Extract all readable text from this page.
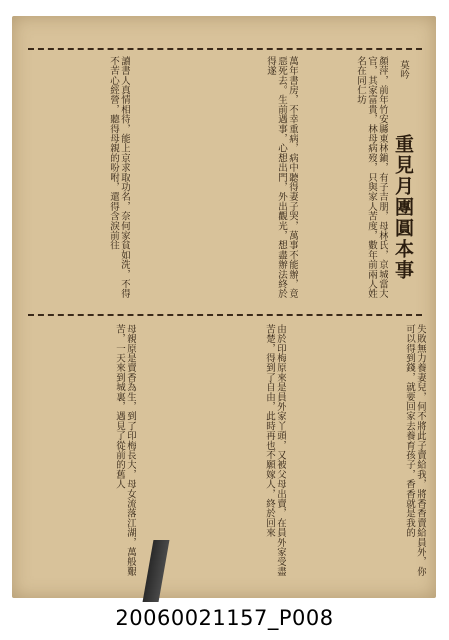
重見月團圓本事
莫吟
顏萍，前年竹安縣東林鎭，有子吉朋，母林氏，京城當大官，其家富貴，林母病歿，只與家人苦度，數年前兩人姓名在同仁坊
萬年書房，不幸重病，病中聽得妻子哭，萬事不能辦，竟惡死去。生前遇事，心想出門，外出觀光，想盡辦法終於得遂
讀書人真情相待，能上京求取功名，奈何家貧如洗，不得不苦心經營，聽得母親的吩咐，還得含淚前往
失敗無力養妻兒，何不將此子賣給我，將香香賣給員外，你可以得到錢，就要回家去養育孩子，香香就是我的
由於印梅原來是員外家丫頭，又被父母出賣，在員外家受盡苦楚，得到了自由，此時再也不願嫁人，終於回來
母親原是賣香為生，到了印梅長大，母女流落江湖，萬般艱苦，一天來到城裏，遇見了從前的舊人
20060021157_P008
